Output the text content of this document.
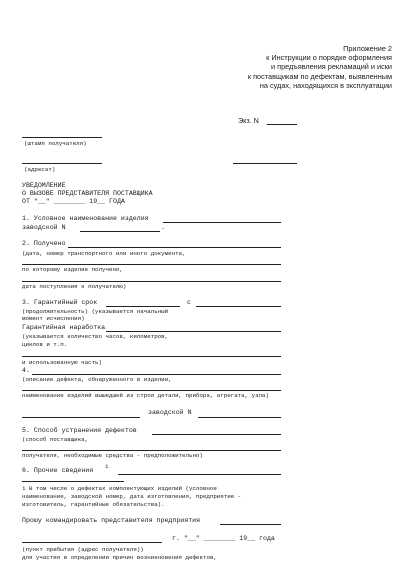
Приложение 2
к Инструкции о порядке оформления
и предъявления рекламаций и иски
к поставщикам по дефектам, выявленным
на судах, находящихся в эксплуатации
Экз. N
(штамп получателя)
(адресат)
УВЕДОМЛЕНИЕ
О ВЫЗОВЕ ПРЕДСТАВИТЕЛЯ ПОСТАВЩИКА
ОТ "__" ________ 19__ ГОДА
1. Условное наименование изделия
заводской N	.
2. Получено
(дата, номер транспортного или иного документа,
по которому изделие получено,
дата поступления к получателю)
3. Гарантийный срок	с
(продолжительность) (указывается начальный
момент исчисления)
Гарантийная наработка
(указывается количество часов, километров,
циклов и т.п.
и использованную часть)
4.
(описание дефекта, обнаруженного в изделии,
наименование изделий вышедшей из строя детали, прибора, агрегата, узла)
заводской N
5. Способ устранения дефектов
(способ поставщика,
получателя, необходимые средства - предположительно)
6. Прочие сведения
1
1 В том числе о дефектах комплектующих изделий (условное
наименование, заводской номер, дата изготовления, предприятие -
изготовитель, гарантийные обязательства).
Прошу командировать представителя предприятия
г. "__" ________ 19__ года
(пункт прибытия (адрес получателя))
для участия в определении причин возникновения дефектов,
